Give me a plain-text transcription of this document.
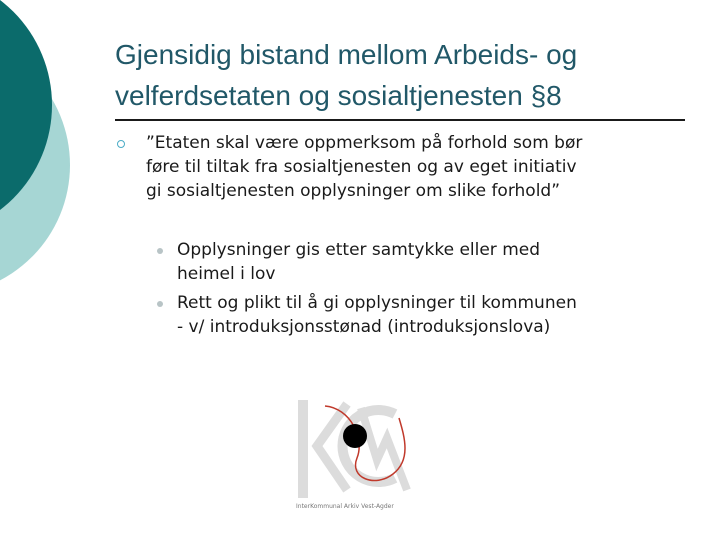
Gjensidig bistand mellom Arbeids- og
velferdsetaten og sosialtjenesten §8
”Etaten skal være oppmerksom på forhold som bør
føre til tiltak fra sosialtjenesten og av eget initiativ
gi sosialtjenesten opplysninger om slike forhold”
Opplysninger gis etter samtykke eller med
heimel i lov
Rett og plikt til å gi opplysninger til kommunen
- v/ introduksjonsstønad (introduksjonslova)
InterKommunal Arkiv Vest-Agder
